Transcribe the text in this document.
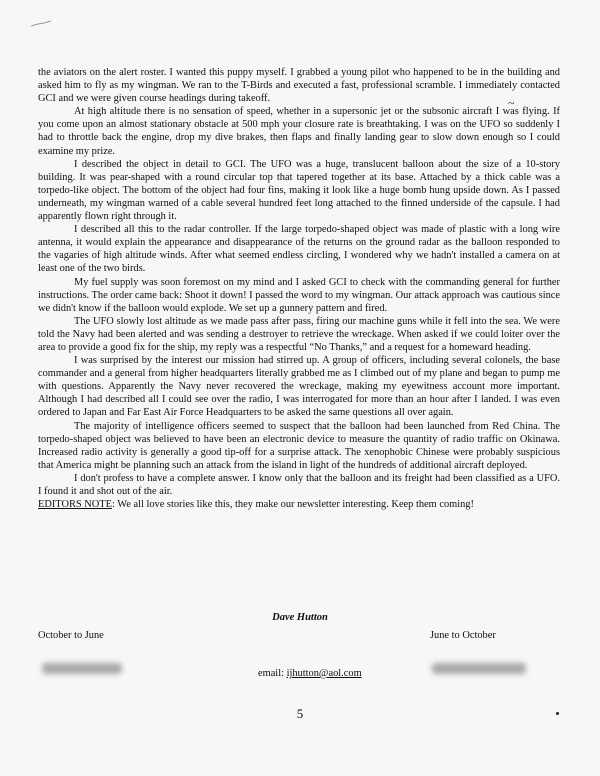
~

the aviators on the alert roster. I wanted this puppy myself. I grabbed a young pilot who happened to be in the building and asked him to fly as my wingman. We ran to the T-Birds and executed a fast, professional scramble. I immediately contacted GCI and we were given course headings during takeoff.

At high altitude there is no sensation of speed, whether in a supersonic jet or the subsonic aircraft I was flying. If you come upon an almost stationary obstacle at 500 mph your closure rate is breathtaking. I was on the UFO so suddenly I had to throttle back the engine, drop my dive brakes, then flaps and finally landing gear to slow down enough so I could examine my prize.

I described the object in detail to GCI. The UFO was a huge, translucent balloon about the size of a 10-story building. It was pear-shaped with a round circular top that tapered together at its base. Attached by a thick cable was a torpedo-like object. The bottom of the object had four fins, making it look like a huge bomb hung upside down. As I passed underneath, my wingman warned of a cable several hundred feet long attached to the finned underside of the capsule. I had apparently flown right through it.

I described all this to the radar controller. If the large torpedo-shaped object was made of plastic with a long wire antenna, it would explain the appearance and disappearance of the returns on the ground radar as the balloon responded to the vagaries of high altitude winds. After what seemed endless circling, I wondered why we hadn't installed a camera on at least one of the two birds.

My fuel supply was soon foremost on my mind and I asked GCI to check with the commanding general for further instructions. The order came back: Shoot it down! I passed the word to my wingman. Our attack approach was cautious since we didn't know if the balloon would explode. We set up a gunnery pattern and fired.

The UFO slowly lost altitude as we made pass after pass, firing our machine guns while it fell into the sea. We were told the Navy had been alerted and was sending a destroyer to retrieve the wreckage. When asked if we could loiter over the area to provide a good fix for the ship, my reply was a respectful “No Thanks,” and a request for a homeward heading.

I was surprised by the interest our mission had stirred up. A group of officers, including several colonels, the base commander and a general from higher headquarters literally grabbed me as I climbed out of my plane and began to pump me with questions. Apparently the Navy never recovered the wreckage, making my eyewitness account more important. Although I had described all I could see over the radio, I was interrogated for more than an hour after I landed. I was even ordered to Japan and Far East Air Force Headquarters to be asked the same questions all over again.

The majority of intelligence officers seemed to suspect that the balloon had been launched from Red China. The torpedo-shaped object was believed to have been an electronic device to measure the quantity of radio traffic on Okinawa. Increased radio activity is generally a good tip-off for a surprise attack. The xenophobic Chinese were probably suspicious that America might be planning such an attack from the island in light of the hundreds of additional aircraft deployed.

I don't profess to have a complete answer. I know only that the balloon and its freight had been classified as a UFO. I found it and shot out of the air.

EDITORS NOTE: We all love stories like this, they make our newsletter interesting. Keep them coming!

Dave Hutton
October to June	June to October
email: ijhutton@aol.com
5
